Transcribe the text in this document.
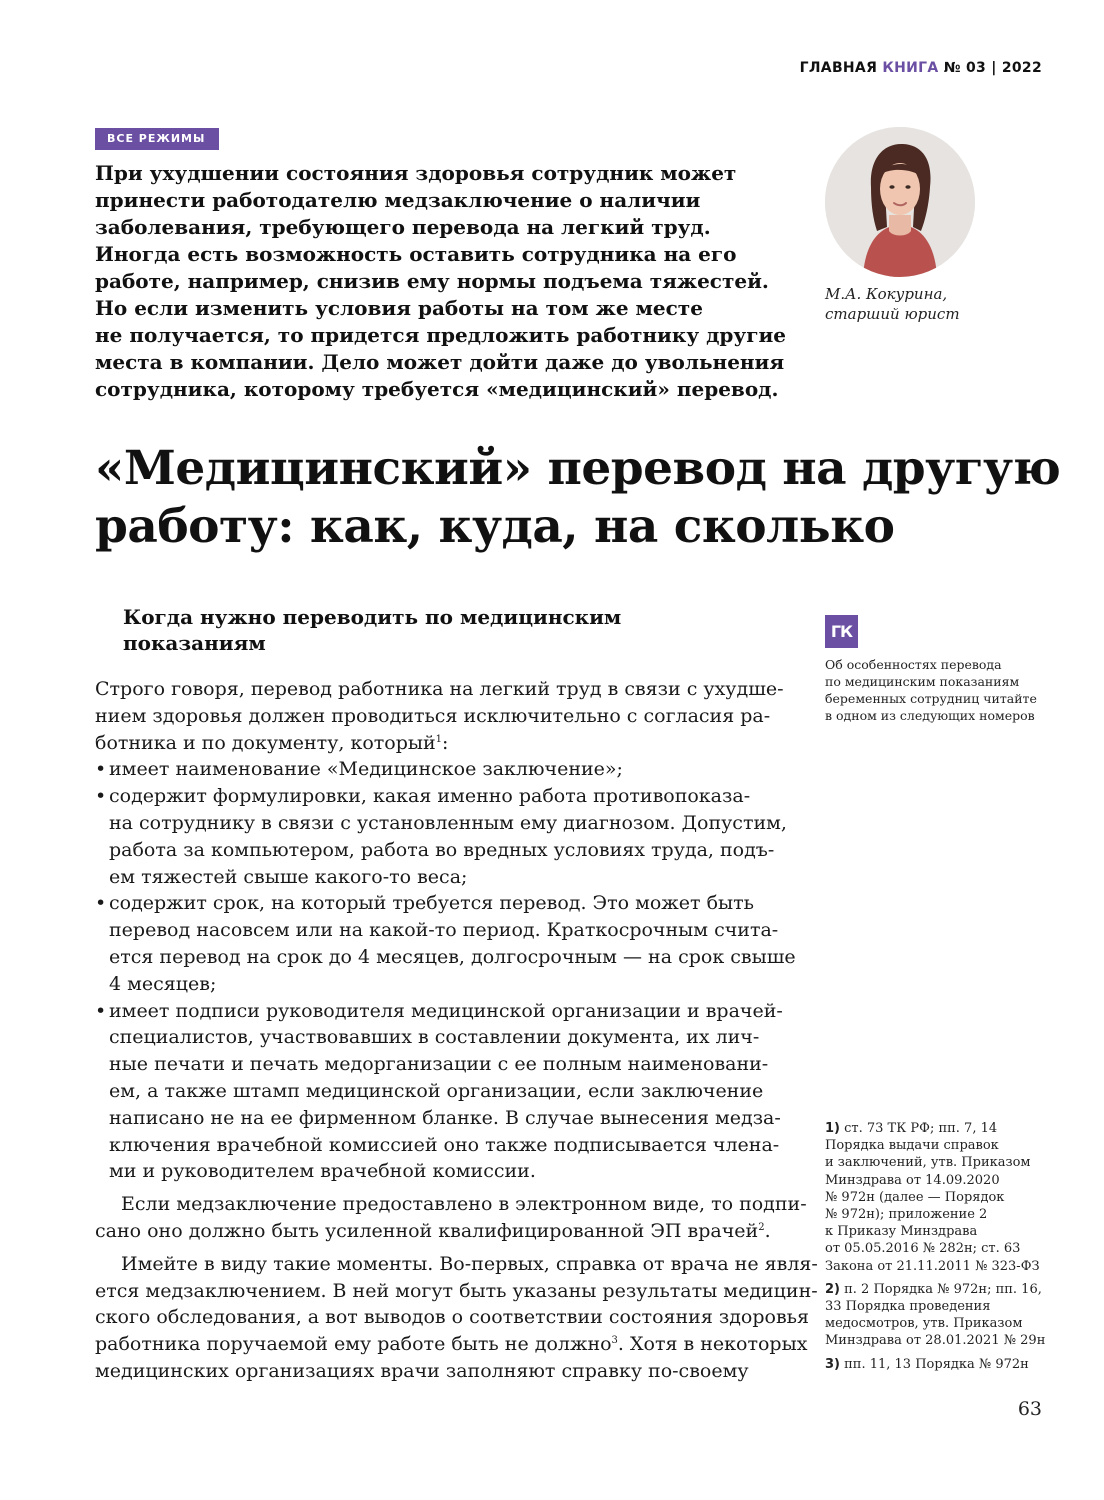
ГЛАВНАЯ КНИГА № 03 | 2022
ВСЕ РЕЖИМЫ

При ухудшении состояния здоровья сотрудник может
принести работодателю медзаключение о наличии
заболевания, требующего перевода на легкий труд.
Иногда есть возможность оставить сотрудника на его
работе, например, снизив ему нормы подъема тяжестей.
Но если изменить условия работы на том же месте
не получается, то придется предложить работнику другие
места в компании. Дело может дойти даже до увольнения
сотрудника, которому требуется «медицинский» перевод.

М.А. Кокурина,
старший юрист
«Медицинский» перевод на другую
работу: как, куда, на сколько
Когда нужно переводить по медицинским
показаниям	ГК
Об особенностях перевода
по медицинским показаниям
беременных сотрудниц читайте
в одном из следующих номеров
Строго говоря, перевод работника на легкий труд в связи с ухудше-
нием здоровья должен проводиться исключительно с согласия ра-
ботника и по документу, который$^1$:
• имеет наименование «Медицинское заключение»;
• содержит формулировки, какая именно работа противопоказа-
на сотруднику в связи с установленным ему диагнозом. Допустим,
работа за компьютером, работа во вредных условиях труда, подъ-
ем тяжестей свыше какого-то веса;
• содержит срок, на который требуется перевод. Это может быть
перевод насовсем или на какой-то период. Краткосрочным счита-
ется перевод на срок до 4 месяцев, долгосрочным — на срок свыше
4 месяцев;
• имеет подписи руководителя медицинской организации и врачей-
специалистов, участвовавших в составлении документа, их лич-
ные печати и печать медорганизации с ее полным наименовани-
ем, а также штамп медицинской организации, если заключение
написано не на ее фирменном бланке. В случае вынесения медза-
ключения врачебной комиссией оно также подписывается члена-
ми и руководителем врачебной комиссии.
Если медзаключение предоставлено в электронном виде, то подпи-
сано оно должно быть усиленной квалифицированной ЭП врачей$^2$.
Имейте в виду такие моменты. Во-первых, справка от врача не явля-
ется медзаключением. В ней могут быть указаны результаты медицин-
ского обследования, а вот выводов о соответствии состояния здоровья
работника поручаемой ему работе быть не должно$^3$. Хотя в некоторых
медицинских организациях врачи заполняют справку по-своему
1) ст. 73 ТК РФ; пп. 7, 14
Порядка выдачи справок
и заключений, утв. Приказом
Минздрава от 14.09.2020
№ 972н (далее — Порядок
№ 972н); приложение 2
к Приказу Минздрава
от 05.05.2016 № 282н; ст. 63
Закона от 21.11.2011 № 323-ФЗ
2) п. 2 Порядка № 972н; пп. 16,
33 Порядка проведения
медосмотров, утв. Приказом
Минздрава от 28.01.2021 № 29н
3) пп. 11, 13 Порядка № 972н
63
